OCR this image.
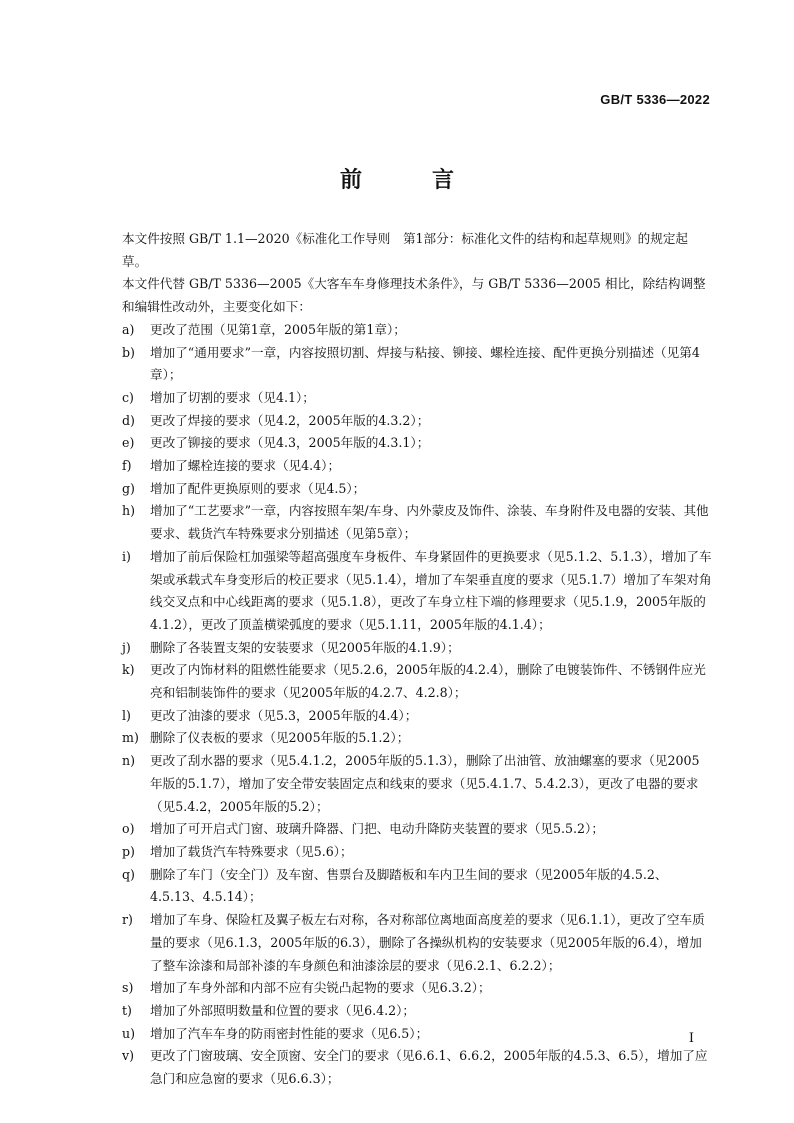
GB/T 5336—2022
前　言

本文件按照 GB/T 1.1—2020《标准化工作导则　第1部分：标准化文件的结构和起草规则》的规定起草。

本文件代替 GB/T 5336—2005《大客车车身修理技术条件》，与 GB/T 5336—2005 相比，除结构调整和编辑性改动外，主要变化如下：

a)	更改了范围（见第1章，2005年版的第1章）；
b)	增加了“通用要求”一章，内容按照切割、焊接与粘接、铆接、螺栓连接、配件更换分别描述（见第4章）；
c)	增加了切割的要求（见4.1）；
d)	更改了焊接的要求（见4.2，2005年版的4.3.2）；
e)	更改了铆接的要求（见4.3，2005年版的4.3.1）；
f)	增加了螺栓连接的要求（见4.4）；
g)	增加了配件更换原则的要求（见4.5）；
h)	增加了“工艺要求”一章，内容按照车架/车身、内外蒙皮及饰件、涂装、车身附件及电器的安装、其他要求、载货汽车特殊要求分别描述（见第5章）；
i)	增加了前后保险杠加强梁等超高强度车身板件、车身紧固件的更换要求（见5.1.2、5.1.3），增加了车架或承载式车身变形后的校正要求（见5.1.4），增加了车架垂直度的要求（见5.1.7）增加了车架对角线交叉点和中心线距离的要求（见5.1.8），更改了车身立柱下端的修理要求（见5.1.9，2005年版的4.1.2），更改了顶盖横梁弧度的要求（见5.1.11，2005年版的4.1.4）；
j)	删除了各装置支架的安装要求（见2005年版的4.1.9）；
k)	更改了内饰材料的阻燃性能要求（见5.2.6，2005年版的4.2.4），删除了电镀装饰件、不锈钢件应光亮和铝制装饰件的要求（见2005年版的4.2.7、4.2.8）；
l)	更改了油漆的要求（见5.3，2005年版的4.4）；
m) 删除了仪表板的要求（见2005年版的5.1.2）；
n)	更改了刮水器的要求（见5.4.1.2，2005年版的5.1.3），删除了出油管、放油螺塞的要求（见2005年版的5.1.7），增加了安全带安装固定点和线束的要求（见5.4.1.7、5.4.2.3），更改了电器的要求（见5.4.2，2005年版的5.2）；
o)	增加了可开启式门窗、玻璃升降器、门把、电动升降防夹装置的要求（见5.5.2）；
p)	增加了载货汽车特殊要求（见5.6）；
q)	删除了车门（安全门）及车窗、售票台及脚踏板和车内卫生间的要求（见2005年版的4.5.2、4.5.13、4.5.14）；
r)	增加了车身、保险杠及翼子板左右对称，各对称部位离地面高度差的要求（见6.1.1），更改了空车质量的要求（见6.1.3，2005年版的6.3），删除了各操纵机构的安装要求（见2005年版的6.4），增加了整车涂漆和局部补漆的车身颜色和油漆涂层的要求（见6.2.1、6.2.2）；
s)	增加了车身外部和内部不应有尖锐凸起物的要求（见6.3.2）；
t)	增加了外部照明数量和位置的要求（见6.4.2）；
u)	增加了汽车车身的防雨密封性能的要求（见6.5）；
v)	更改了门窗玻璃、安全顶窗、安全门的要求（见6.6.1、6.6.2，2005年版的4.5.3、6.5），增加了应急门和应急窗的要求（见6.6.3）；
I
